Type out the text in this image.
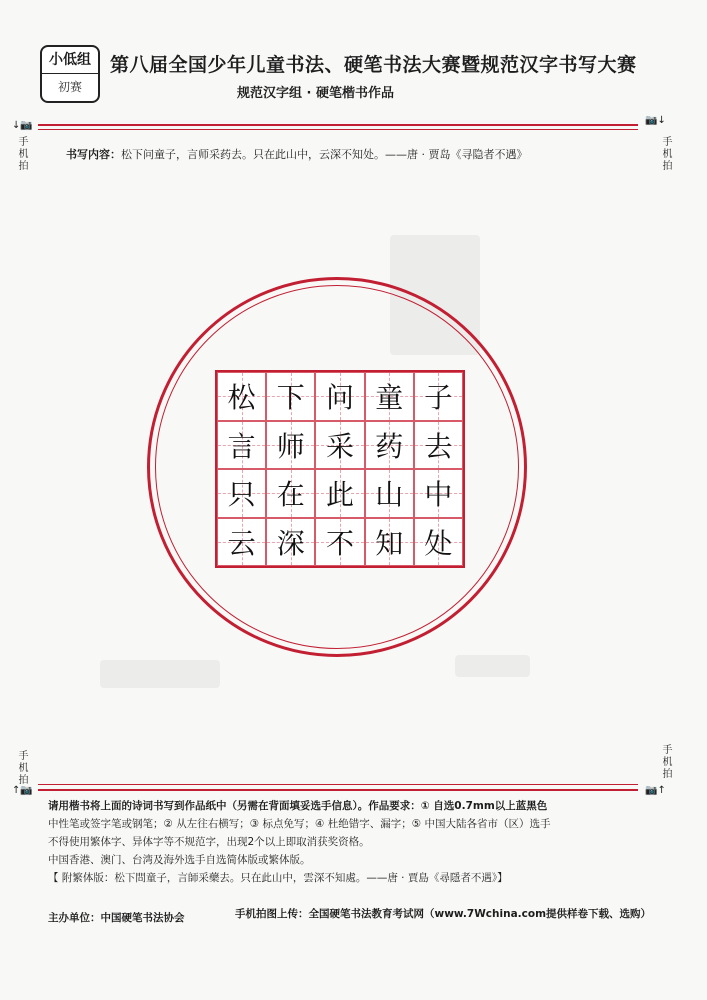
小低组
初赛
第八届全国少年儿童书法、硬笔书法大赛暨规范汉字书写大赛
规范汉字组 · 硬笔楷书作品
↓📷	📷↓
手机拍	手机拍
书写内容：松下问童子，言师采药去。只在此山中，云深不知处。——唐 · 贾岛《寻隐者不遇》
松 下 问 童 子
言 师 采 药 去
只 在 此 山 中
云 深 不 知 处
手机拍	手机拍
↑📷	📷↑

请用楷书将上面的诗词书写到作品纸中（另需在背面填妥选手信息）。作品要求：① 自选0.7mm以上蓝黑色

中性笔或签字笔或钢笔；② 从左往右横写；③ 标点免写；④ 杜绝错字、漏字；⑤ 中国大陆各省市（区）选手

不得使用繁体字、异体字等不规范字，出现2个以上即取消获奖资格。

中国香港、澳门、台湾及海外选手自选简体版或繁体版。

【 附繁体版：松下問童子，言師采藥去。只在此山中，雲深不知處。——唐 · 賈島《尋隱者不遇》】

主办单位：中国硬笔书法协会	手机拍图上传：全国硬笔书法教育考试网（www.7Wchina.com提供样卷下载、选购）
